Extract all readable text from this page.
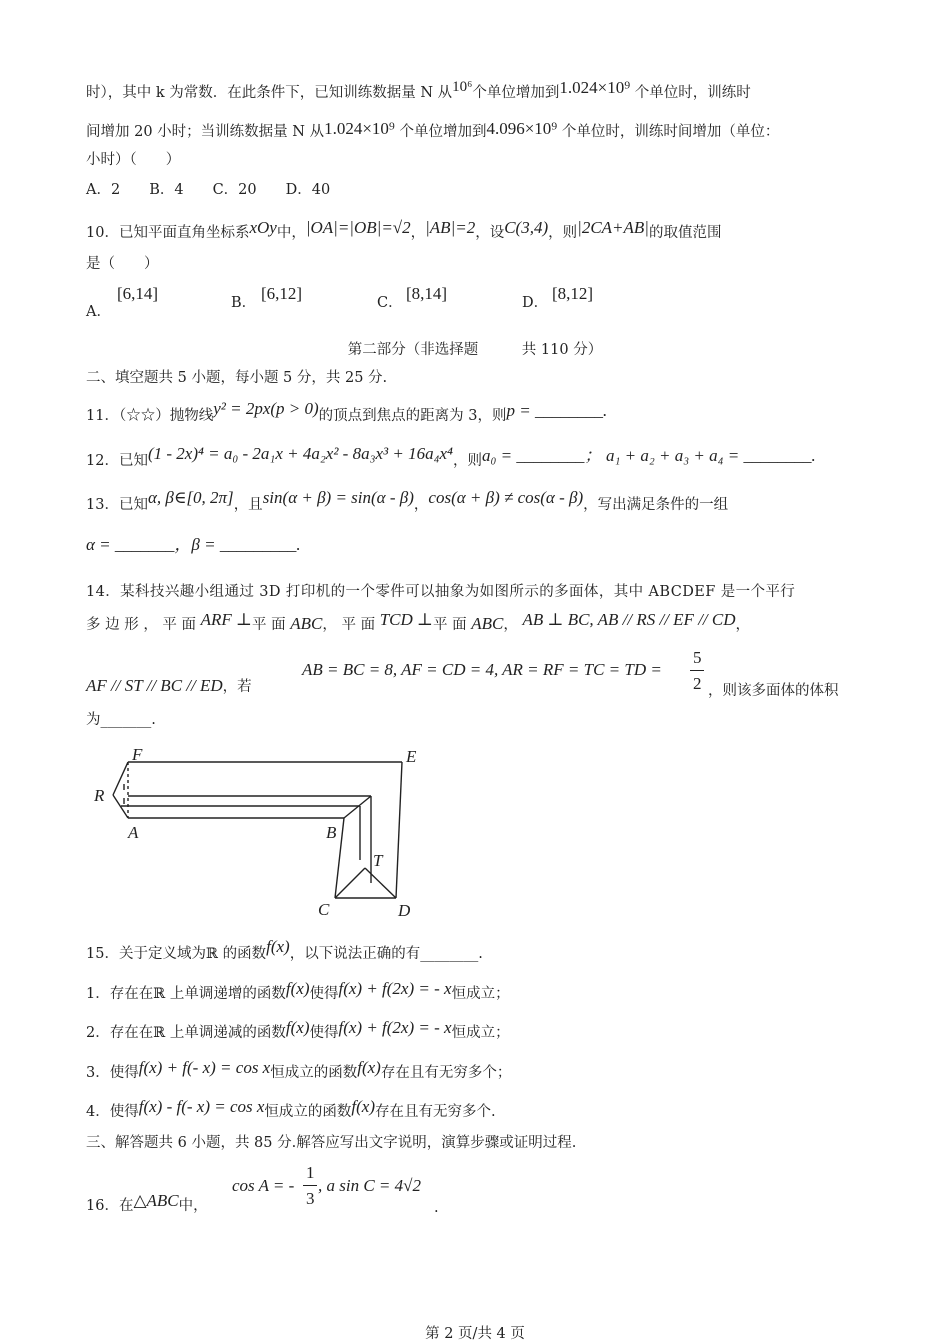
时），其中 k 为常数．在此条件下，已知训练数据量 N 从10⁶个单位增加到1.024×10⁹ 个单位时，训练时
间增加 20 小时；当训练数据量 N 从1.024×10⁹ 个单位增加到4.096×10⁹ 个单位时，训练时间增加（单位：
小时）（　　）
A．2　　B．4　　C．20　　D．40
10．已知平面直角坐标系xOy中，|OA|=|OB|=√2，|AB|=2，设C(3,4)，则|2CA+AB|的取值范围
是（　　）
A．
[6,14]	B． [6,12]	C． [8,14]	D． [8,12]
第二部分（非选择题　　　共 110 分）
二、填空题共 5 小题，每小题 5 分，共 25 分.
11．（☆☆）抛物线y² = 2px(p > 0)的顶点到焦点的距离为 3，则p = ________.
12．已知(1 - 2x)⁴ = a₀ - 2a₁x + 4a₂x² - 8a₃x³ + 16a₄x⁴，则a₀ = ________； a₁ + a₂ + a₃ + a₄ = ________.
13．已知α, β∈[0, 2π]，且sin(α + β) = sin(α - β)，cos(α + β) ≠ cos(α - β)，写出满足条件的一组
α = _______，β = _________.
14．某科技兴趣小组通过 3D 打印机的一个零件可以抽象为如图所示的多面体，其中 ABCDEF 是一个平行
多 边 形 ， 平 面 ARF ⊥平 面 ABC， 平 面 TCD ⊥平 面 ABC， AB ⊥ BC, AB // RS // EF // CD，
AF // ST // BC // ED，若
AB = BC = 8, AF = CD = 4, AR = RF = TC = TD =
5
2 ，则该多面体的体积
为_______.
F	E
R
A	B
T
C	D
15．关于定义域为ℝ 的函数f(x)，以下说法正确的有________.
1．存在在ℝ 上单调递增的函数f(x)使得f(x) + f(2x) = - x恒成立；
2．存在在ℝ 上单调递减的函数f(x)使得f(x) + f(2x) = - x恒成立；
3．使得f(x) + f(- x) = cos x恒成立的函数f(x)存在且有无穷多个；
4．使得f(x) - f(- x) = cos x恒成立的函数f(x)存在且有无穷多个.
三、解答题共 6 小题，共 85 分.解答应写出文字说明，演算步骤或证明过程.
16．在△ABC中，
cos A = -
1
3
, a sin C = 4√2
.
第 2 页/共 4 页
